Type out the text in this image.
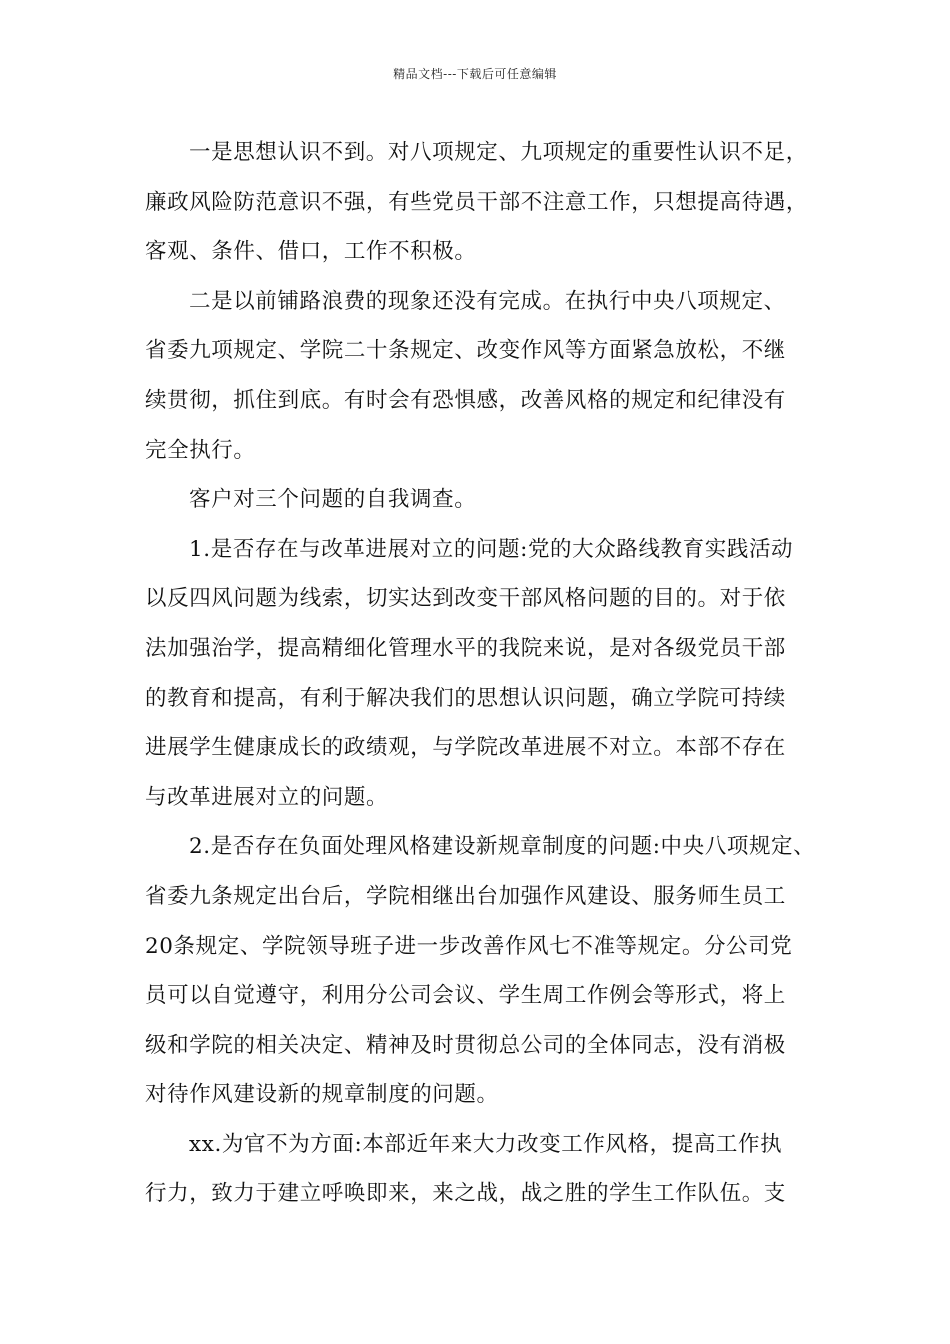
精品文档---下载后可任意编辑
一是思想认识不到。对八项规定、九项规定的重要性认识不足，
廉政风险防范意识不强，有些党员干部不注意工作，只想提高待遇，
客观、条件、借口，工作不积极。
二是以前铺路浪费的现象还没有完成。在执行中央八项规定、
省委九项规定、学院二十条规定、改变作风等方面紧急放松，不继
续贯彻，抓住到底。有时会有恐惧感，改善风格的规定和纪律没有
完全执行。
客户对三个问题的自我调查。
1.是否存在与改革进展对立的问题:党的大众路线教育实践活动
以反四风问题为线索，切实达到改变干部风格问题的目的。对于依
法加强治学，提高精细化管理水平的我院来说，是对各级党员干部
的教育和提高，有利于解决我们的思想认识问题，确立学院可持续
进展学生健康成长的政绩观，与学院改革进展不对立。本部不存在
与改革进展对立的问题。
2.是否存在负面处理风格建设新规章制度的问题:中央八项规定、
省委九条规定出台后，学院相继出台加强作风建设、服务师生员工
20条规定、学院领导班子进一步改善作风七不准等规定。分公司党
员可以自觉遵守，利用分公司会议、学生周工作例会等形式，将上
级和学院的相关决定、精神及时贯彻总公司的全体同志，没有消极
对待作风建设新的规章制度的问题。
xx.为官不为方面:本部近年来大力改变工作风格，提高工作执
行力，致力于建立呼唤即来，来之战，战之胜的学生工作队伍。支
